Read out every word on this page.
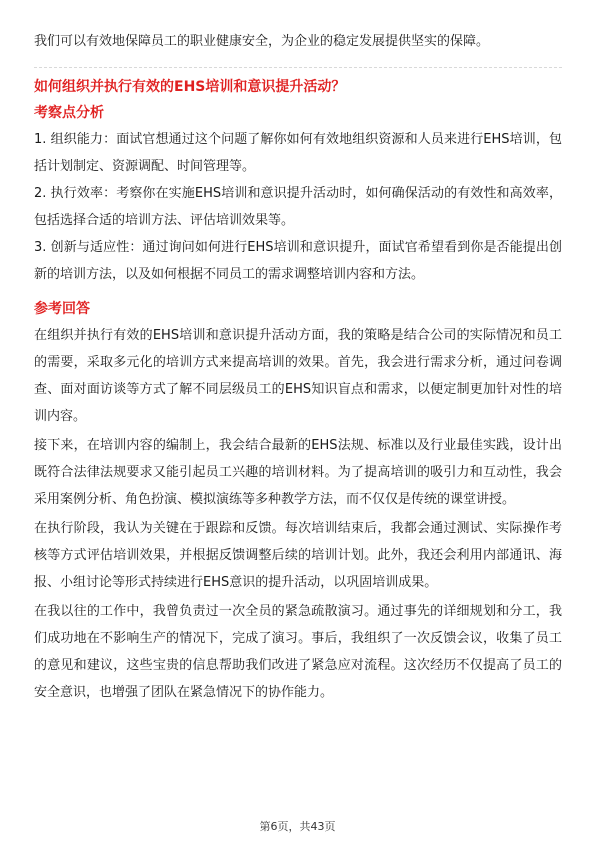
我们可以有效地保障员工的职业健康安全，为企业的稳定发展提供坚实的保障。

如何组织并执行有效的EHS培训和意识提升活动？
考察点分析

1. 组织能力：面试官想通过这个问题了解你如何有效地组织资源和人员来进行EHS培训，包括计划制定、资源调配、时间管理等。

2. 执行效率：考察你在实施EHS培训和意识提升活动时，如何确保活动的有效性和高效率，包括选择合适的培训方法、评估培训效果等。

3. 创新与适应性：通过询问如何进行EHS培训和意识提升，面试官希望看到你是否能提出创新的培训方法，以及如何根据不同员工的需求调整培训内容和方法。

参考回答

在组织并执行有效的EHS培训和意识提升活动方面，我的策略是结合公司的实际情况和员工的需要，采取多元化的培训方式来提高培训的效果。首先，我会进行需求分析，通过问卷调查、面对面访谈等方式了解不同层级员工的EHS知识盲点和需求，以便定制更加针对性的培训内容。

接下来，在培训内容的编制上，我会结合最新的EHS法规、标准以及行业最佳实践，设计出既符合法律法规要求又能引起员工兴趣的培训材料。为了提高培训的吸引力和互动性，我会采用案例分析、角色扮演、模拟演练等多种教学方法，而不仅仅是传统的课堂讲授。

在执行阶段，我认为关键在于跟踪和反馈。每次培训结束后，我都会通过测试、实际操作考核等方式评估培训效果，并根据反馈调整后续的培训计划。此外，我还会利用内部通讯、海报、小组讨论等形式持续进行EHS意识的提升活动，以巩固培训成果。

在我以往的工作中，我曾负责过一次全员的紧急疏散演习。通过事先的详细规划和分工，我们成功地在不影响生产的情况下，完成了演习。事后，我组织了一次反馈会议，收集了员工的意见和建议，这些宝贵的信息帮助我们改进了紧急应对流程。这次经历不仅提高了员工的安全意识，也增强了团队在紧急情况下的协作能力。

第6页，共43页
